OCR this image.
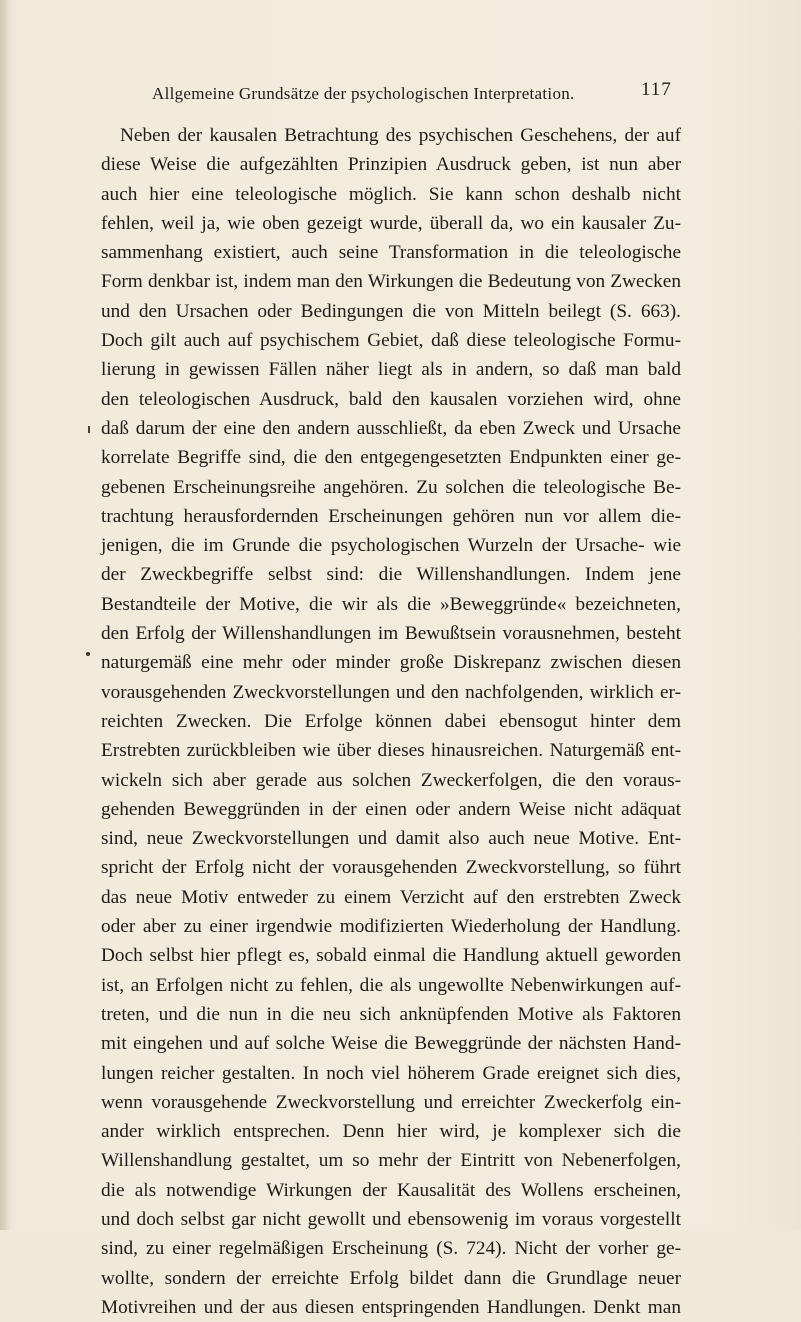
Allgemeine Grundsätze der psychologischen Interpretation.	117
Neben der kausalen Betrachtung des psychischen Geschehens, der auf
diese Weise die aufgezählten Prinzipien Ausdruck geben, ist nun aber
auch hier eine teleologische möglich. Sie kann schon deshalb nicht
fehlen, weil ja, wie oben gezeigt wurde, überall da, wo ein kausaler Zu-
sammenhang existiert, auch seine Transformation in die teleologische
Form denkbar ist, indem man den Wirkungen die Bedeutung von Zwecken
und den Ursachen oder Bedingungen die von Mitteln beilegt (S. 663).
Doch gilt auch auf psychischem Gebiet, daß diese teleologische Formu-
lierung in gewissen Fällen näher liegt als in andern, so daß man bald
den teleologischen Ausdruck, bald den kausalen vorziehen wird, ohne
daß darum der eine den andern ausschließt, da eben Zweck und Ursache
korrelate Begriffe sind, die den entgegengesetzten Endpunkten einer ge-
gebenen Erscheinungsreihe angehören. Zu solchen die teleologische Be-
trachtung herausfordernden Erscheinungen gehören nun vor allem die-
jenigen, die im Grunde die psychologischen Wurzeln der Ursache- wie
der Zweckbegriffe selbst sind: die Willenshandlungen. Indem jene
Bestandteile der Motive, die wir als die »Beweggründe« bezeichneten,
den Erfolg der Willenshandlungen im Bewußtsein vorausnehmen, besteht
naturgemäß eine mehr oder minder große Diskrepanz zwischen diesen
vorausgehenden Zweckvorstellungen und den nachfolgenden, wirklich er-
reichten Zwecken. Die Erfolge können dabei ebensogut hinter dem
Erstrebten zurückbleiben wie über dieses hinausreichen. Naturgemäß ent-
wickeln sich aber gerade aus solchen Zweckerfolgen, die den voraus-
gehenden Beweggründen in der einen oder andern Weise nicht adäquat
sind, neue Zweckvorstellungen und damit also auch neue Motive. Ent-
spricht der Erfolg nicht der vorausgehenden Zweckvorstellung, so führt
das neue Motiv entweder zu einem Verzicht auf den erstrebten Zweck
oder aber zu einer irgendwie modifizierten Wiederholung der Handlung.
Doch selbst hier pflegt es, sobald einmal die Handlung aktuell geworden
ist, an Erfolgen nicht zu fehlen, die als ungewollte Nebenwirkungen auf-
treten, und die nun in die neu sich anknüpfenden Motive als Faktoren
mit eingehen und auf solche Weise die Beweggründe der nächsten Hand-
lungen reicher gestalten. In noch viel höherem Grade ereignet sich dies,
wenn vorausgehende Zweckvorstellung und erreichter Zweckerfolg ein-
ander wirklich entsprechen. Denn hier wird, je komplexer sich die
Willenshandlung gestaltet, um so mehr der Eintritt von Nebenerfolgen,
die als notwendige Wirkungen der Kausalität des Wollens erscheinen,
und doch selbst gar nicht gewollt und ebensowenig im voraus vorgestellt
sind, zu einer regelmäßigen Erscheinung (S. 724). Nicht der vorher ge-
wollte, sondern der erreichte Erfolg bildet dann die Grundlage neuer
Motivreihen und der aus diesen entspringenden Handlungen. Denkt man
